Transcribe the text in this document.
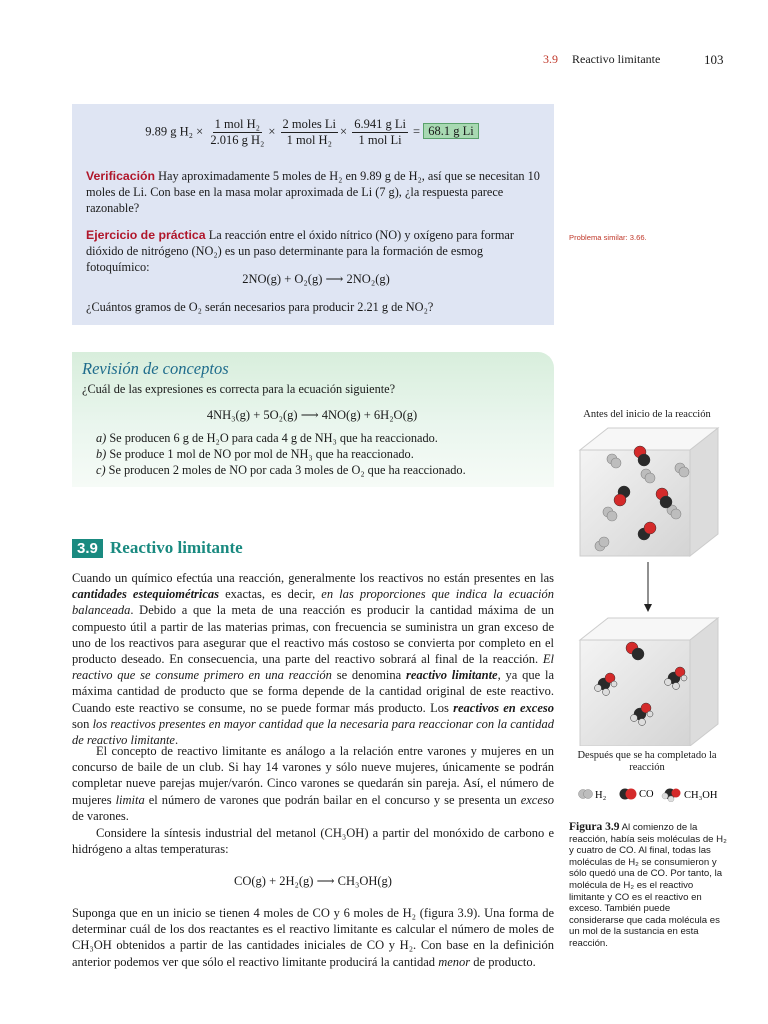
3.9 Reactivo limitante	103
9.89 g $H_2 \times \frac{\text{1 mol H₂}}{\text{2.016 g H₂}} \times \frac{\text{2 moles Li}}{\text{1 mol H₂}} \times \frac{\text{6.941 g Li}}{\text{1 mol Li}} = 68.1$ g Li
Verificación Hay aproximadamente 5 moles de H₂ en 9.89 g de H₂, así que se necesitan 10 moles de Li. Con base en la masa molar aproximada de Li (7 g), ¿la respuesta parece razonable?
Ejercicio de práctica La reacción entre el óxido nítrico (NO) y oxígeno para formar dióxido de nitrógeno (NO₂) es un paso determinante para la formación de esmog fotoquímico:
2NO(g) + O₂(g) ⟶ 2NO₂(g)
¿Cuántos gramos de O₂ serán necesarios para producir 2.21 g de NO₂?
Problema similar: 3.66.
Revisión de conceptos
¿Cuál de las expresiones es correcta para la ecuación siguiente?
4NH₃(g) + 5O₂(g) ⟶ 4NO(g) + 6H₂O(g)
a) Se producen 6 g de H₂O para cada 4 g de NH₃ que ha reaccionado.
b) Se produce 1 mol de NO por mol de NH₃ que ha reaccionado.
c) Se producen 2 moles de NO por cada 3 moles de O₂ que ha reaccionado.
3.9 Reactivo limitante
Cuando un químico efectúa una reacción, generalmente los reactivos no están presentes en las cantidades estequiométricas exactas, es decir, en las proporciones que indica la ecuación balanceada. Debido a que la meta de una reacción es producir la cantidad máxima de un compuesto útil a partir de las materias primas, con frecuencia se suministra un gran exceso de uno de los reactivos para asegurar que el reactivo más costoso se convierta por completo en el producto deseado. En consecuencia, una parte del reactivo sobrará al final de la reacción. El reactivo que se consume primero en una reacción se denomina reactivo limitante, ya que la máxima cantidad de producto que se forma depende de la cantidad original de este reactivo. Cuando este reactivo se consume, no se puede formar más producto. Los reactivos en exceso son los reactivos presentes en mayor cantidad que la necesaria para reaccionar con la cantidad de reactivo limitante.
El concepto de reactivo limitante es análogo a la relación entre varones y mujeres en un concurso de baile de un club. Si hay 14 varones y sólo nueve mujeres, únicamente se podrán completar nueve parejas mujer/varón. Cinco varones se quedarán sin pareja. Así, el número de mujeres limita el número de varones que podrán bailar en el concurso y se presenta un exceso de varones.
Considere la síntesis industrial del metanol (CH₃OH) a partir del monóxido de carbono e hidrógeno a altas temperaturas:
CO(g) + 2H₂(g) ⟶ CH₃OH(g)
Suponga que en un inicio se tienen 4 moles de CO y 6 moles de H₂ (figura 3.9). Una forma de determinar cuál de los dos reactantes es el reactivo limitante es calcular el número de moles de CH₃OH obtenidos a partir de las cantidades iniciales de CO y H₂. Con base en la definición anterior podemos ver que sólo el reactivo limitante producirá la cantidad menor de producto.
Antes del inicio de la reacción
Después que se ha completado la reacción
H₂	CO	CH₃OH
Figura 3.9 Al comienzo de la reacción, había seis moléculas de H₂ y cuatro de CO. Al final, todas las moléculas de H₂ se consumieron y sólo quedó una de CO. Por tanto, la molécula de H₂ es el reactivo limitante y CO es el reactivo en exceso. También puede considerarse que cada molécula es un mol de la sustancia en esta reacción.
